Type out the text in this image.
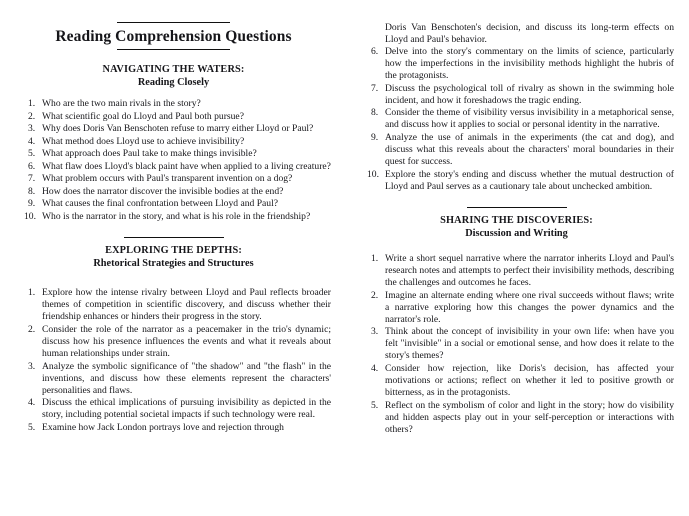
Reading Comprehension Questions
NAVIGATING THE WATERS:
Reading Closely
1. Who are the two main rivals in the story?
2. What scientific goal do Lloyd and Paul both pursue?
3. Why does Doris Van Benschoten refuse to marry either Lloyd or Paul?
4. What method does Lloyd use to achieve invisibility?
5. What approach does Paul take to make things invisible?
6. What flaw does Lloyd's black paint have when applied to a living creature?
7. What problem occurs with Paul's transparent invention on a dog?
8. How does the narrator discover the invisible bodies at the end?
9. What causes the final confrontation between Lloyd and Paul?
10. Who is the narrator in the story, and what is his role in the friendship?
EXPLORING THE DEPTHS:
Rhetorical Strategies and Structures
1. Explore how the intense rivalry between Lloyd and Paul reflects broader themes of competition in scientific discovery, and discuss whether their friendship enhances or hinders their progress in the story.
2. Consider the role of the narrator as a peacemaker in the trio's dynamic; discuss how his presence influences the events and what it reveals about human relationships under strain.
3. Analyze the symbolic significance of "the shadow" and "the flash" in the inventions, and discuss how these elements represent the characters' personalities and flaws.
4. Discuss the ethical implications of pursuing invisibility as depicted in the story, including potential societal impacts if such technology were real.
5. Examine how Jack London portrays love and rejection through

Doris Van Benschoten's decision, and discuss its long-term effects on Lloyd and Paul's behavior.

6. Delve into the story's commentary on the limits of science, particularly how the imperfections in the invisibility methods highlight the hubris of the protagonists.
7. Discuss the psychological toll of rivalry as shown in the swimming hole incident, and how it foreshadows the tragic ending.
8. Consider the theme of visibility versus invisibility in a metaphorical sense, and discuss how it applies to social or personal identity in the narrative.
9. Analyze the use of animals in the experiments (the cat and dog), and discuss what this reveals about the characters' moral boundaries in their quest for success.
10. Explore the story's ending and discuss whether the mutual destruction of Lloyd and Paul serves as a cautionary tale about unchecked ambition.
SHARING THE DISCOVERIES:
Discussion and Writing
1. Write a short sequel narrative where the narrator inherits Lloyd and Paul's research notes and attempts to perfect their invisibility methods, describing the challenges and outcomes he faces.
2. Imagine an alternate ending where one rival succeeds without flaws; write a narrative exploring how this changes the power dynamics and the narrator's role.
3. Think about the concept of invisibility in your own life: when have you felt "invisible" in a social or emotional sense, and how does it relate to the story's themes?
4. Consider how rejection, like Doris's decision, has affected your motivations or actions; reflect on whether it led to positive growth or bitterness, as in the protagonists.
5. Reflect on the symbolism of color and light in the story; how do visibility and hidden aspects play out in your self-perception or interactions with others?
